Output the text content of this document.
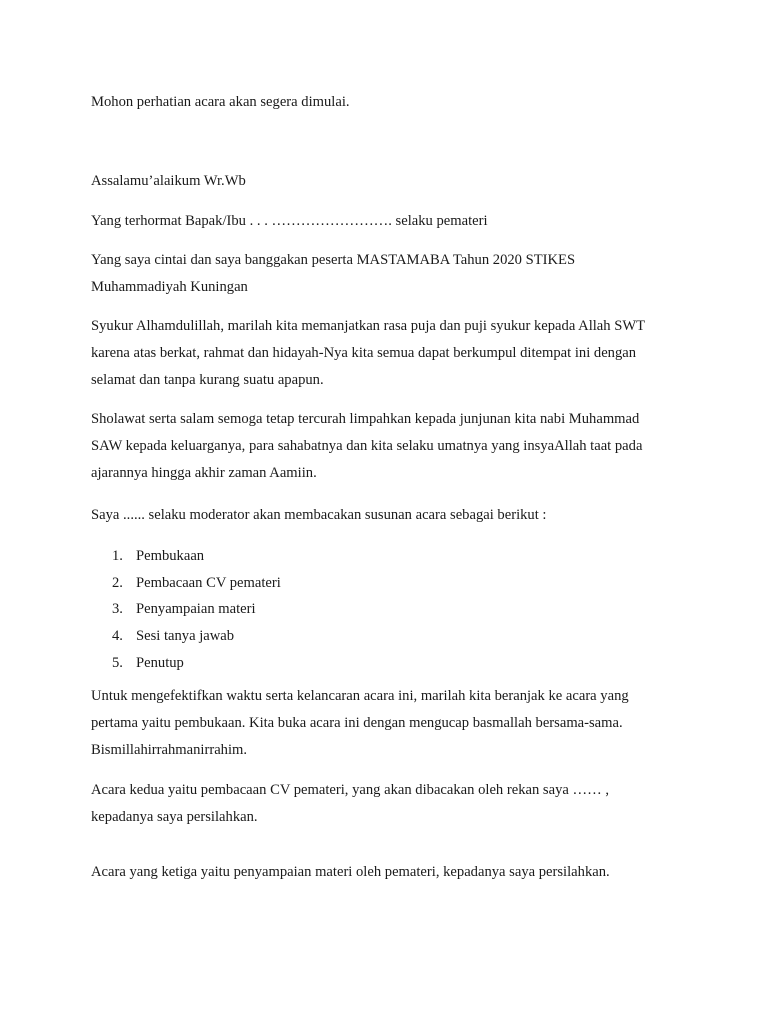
Mohon perhatian acara akan segera dimulai.
Assalamu’alaikum Wr.Wb
Yang terhormat Bapak/Ibu . . . ……………………. selaku pemateri
Yang saya cintai dan saya banggakan peserta MASTAMABA Tahun 2020 STIKES
Muhammadiyah Kuningan
Syukur Alhamdulillah, marilah kita memanjatkan rasa puja dan puji syukur kepada Allah SWT
karena atas berkat, rahmat dan hidayah-Nya kita semua dapat berkumpul ditempat ini dengan
selamat dan tanpa kurang suatu apapun.
Sholawat serta salam semoga tetap tercurah limpahkan kepada junjunan kita nabi Muhammad
SAW kepada keluarganya, para sahabatnya dan kita selaku umatnya yang insyaAllah taat pada
ajarannya hingga akhir zaman Aamiin.
Saya ...... selaku moderator akan membacakan susunan acara sebagai berikut :
1. Pembukaan
2. Pembacaan CV pemateri
3. Penyampaian materi
4. Sesi tanya jawab
5. Penutup
Untuk mengefektifkan waktu serta kelancaran acara ini, marilah kita beranjak ke acara yang
pertama yaitu pembukaan. Kita buka acara ini dengan mengucap basmallah bersama-sama.
Bismillahirrahmanirrahim.
Acara kedua yaitu pembacaan CV pemateri, yang akan dibacakan oleh rekan saya …… ,
kepadanya saya persilahkan.
Acara yang ketiga yaitu penyampaian materi oleh pemateri, kepadanya saya persilahkan.
